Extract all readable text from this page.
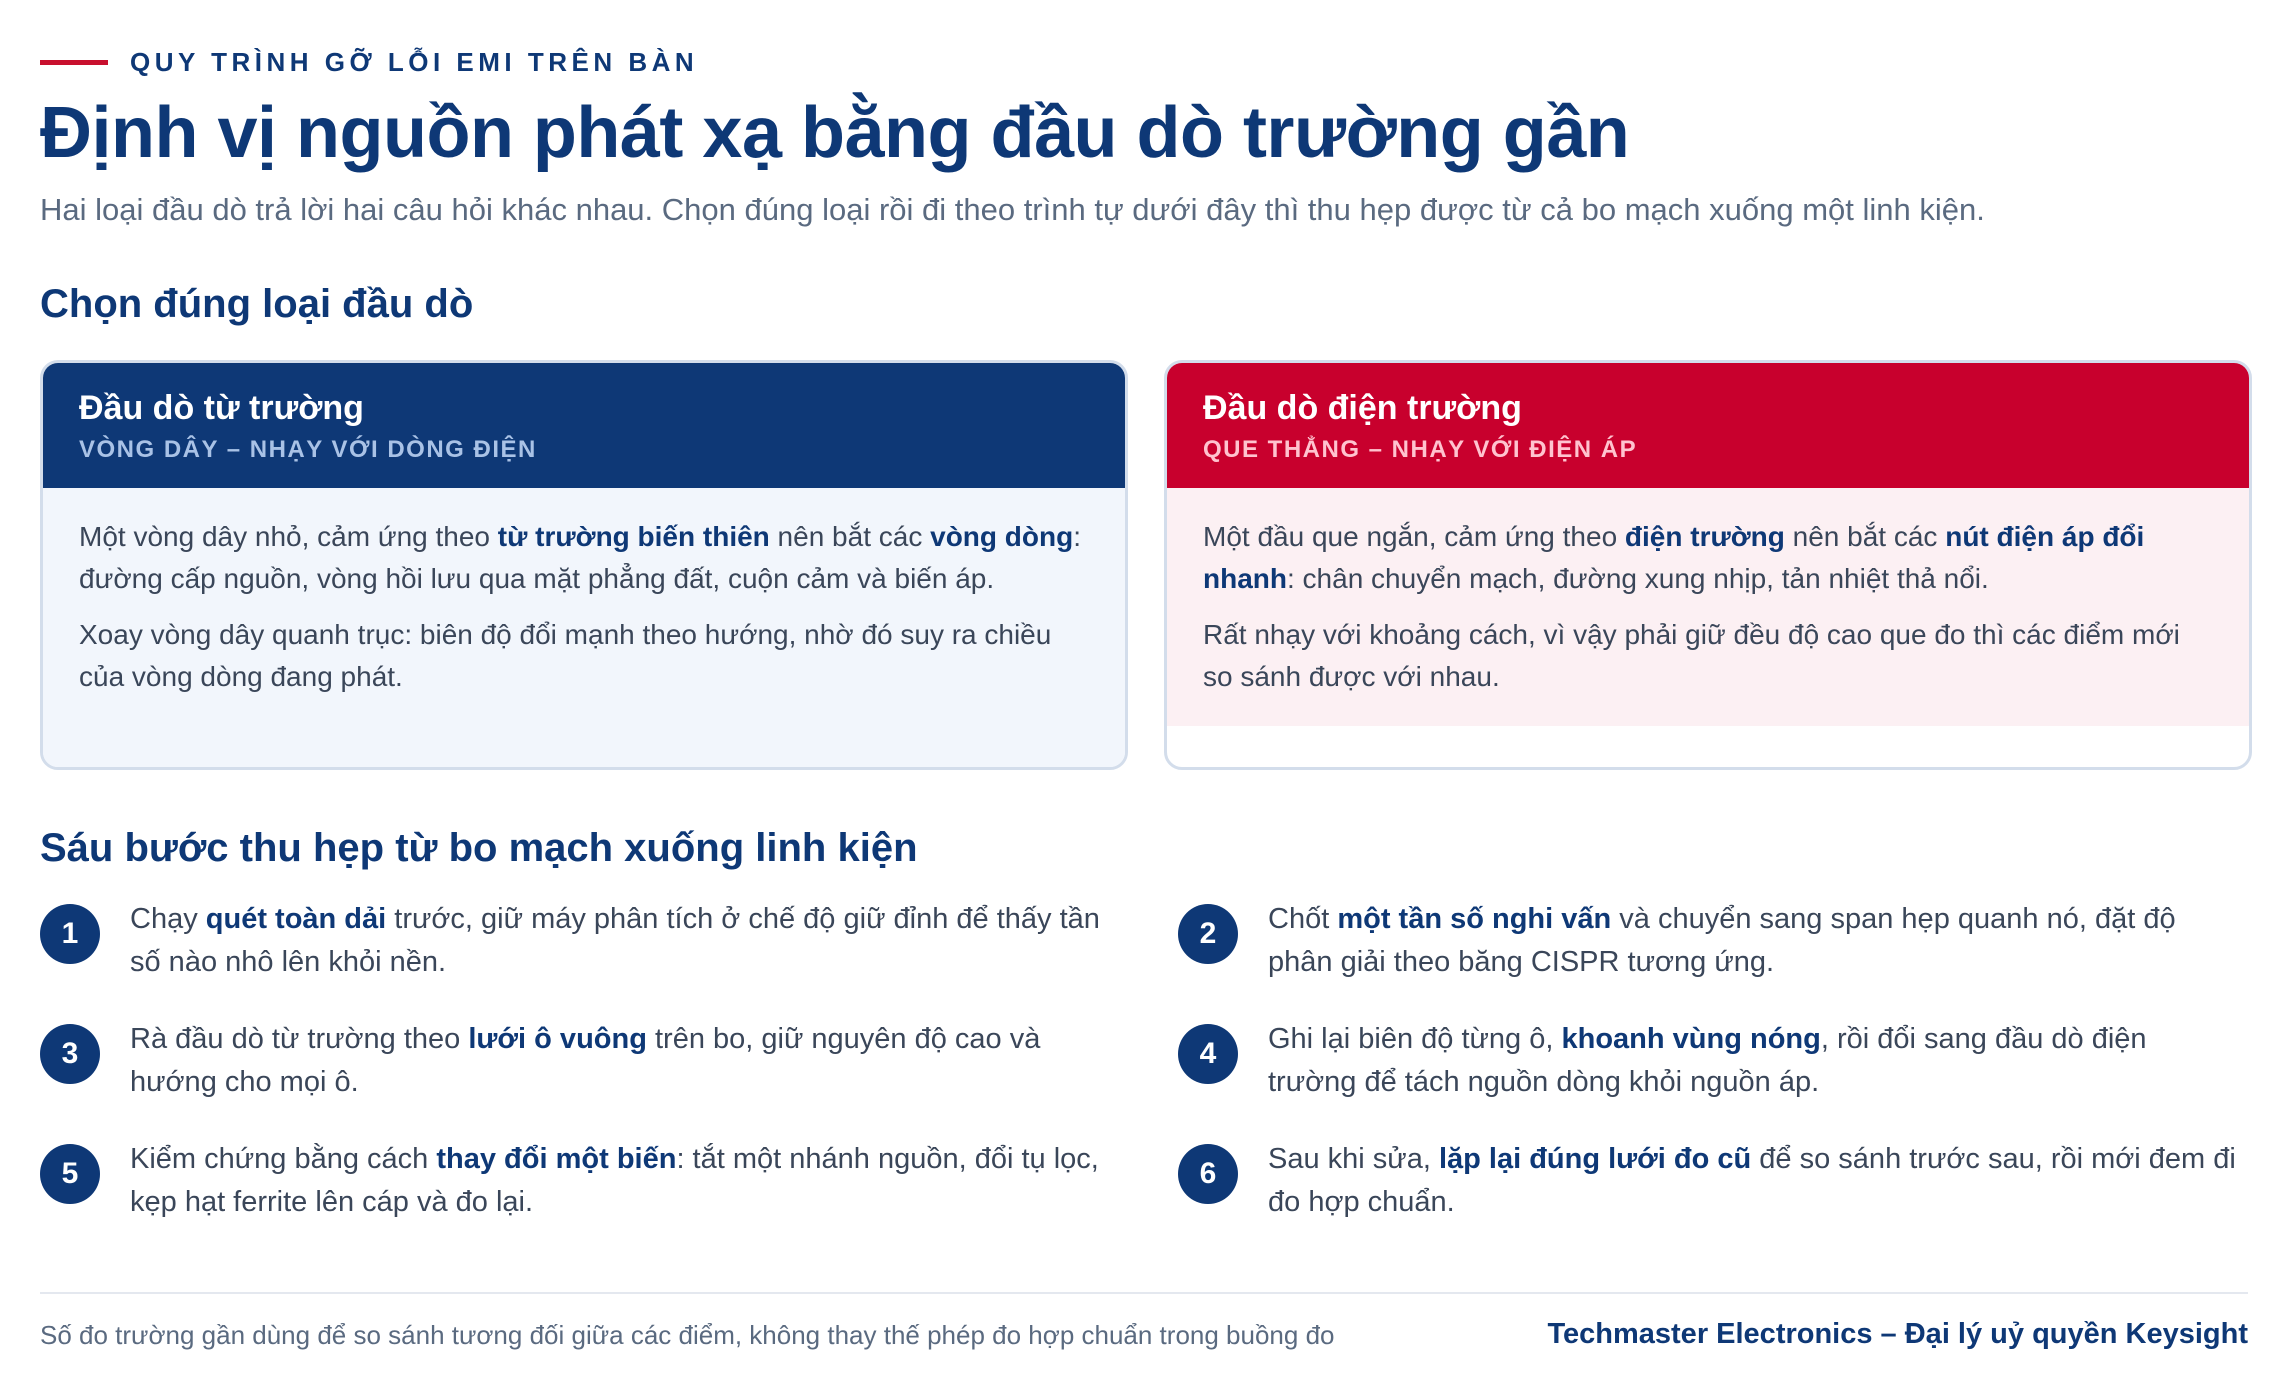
QUY TRÌNH GỠ LỖI EMI TRÊN BÀN
Định vị nguồn phát xạ bằng đầu dò trường gần

Hai loại đầu dò trả lời hai câu hỏi khác nhau. Chọn đúng loại rồi đi theo trình tự dưới đây thì thu hẹp được từ cả bo mạch xuống một linh kiện.

Chọn đúng loại đầu dò
Đầu dò từ trường
VÒNG DÂY – NHẠY VỚI DÒNG ĐIỆN

Một vòng dây nhỏ, cảm ứng theo từ trường biến thiên nên bắt các vòng dòng: đường cấp nguồn, vòng hồi lưu qua mặt phẳng đất, cuộn cảm và biến áp.

Xoay vòng dây quanh trục: biên độ đổi mạnh theo hướng, nhờ đó suy ra chiều của vòng dòng đang phát.

Đầu dò điện trường
QUE THẲNG – NHẠY VỚI ĐIỆN ÁP

Một đầu que ngắn, cảm ứng theo điện trường nên bắt các nút điện áp đổi nhanh: chân chuyển mạch, đường xung nhịp, tản nhiệt thả nổi.

Rất nhạy với khoảng cách, vì vậy phải giữ đều độ cao que đo thì các điểm mới so sánh được với nhau.

Sáu bước thu hẹp từ bo mạch xuống linh kiện
1	Chạy quét toàn dải trước, giữ máy phân tích ở chế độ giữ đỉnh để thấy tần số nào nhô lên khỏi nền.
2	Chốt một tần số nghi vấn và chuyển sang span hẹp quanh nó, đặt độ phân giải theo băng CISPR tương ứng.
3	Rà đầu dò từ trường theo lưới ô vuông trên bo, giữ nguyên độ cao và hướng cho mọi ô.
4	Ghi lại biên độ từng ô, khoanh vùng nóng, rồi đổi sang đầu dò điện trường để tách nguồn dòng khỏi nguồn áp.
5	Kiểm chứng bằng cách thay đổi một biến: tắt một nhánh nguồn, đổi tụ lọc, kẹp hạt ferrite lên cáp và đo lại.
6	Sau khi sửa, lặp lại đúng lưới đo cũ để so sánh trước sau, rồi mới đem đi đo hợp chuẩn.
Số đo trường gần dùng để so sánh tương đối giữa các điểm, không thay thế phép đo hợp chuẩn trong buồng đo	Techmaster Electronics – Đại lý uỷ quyền Keysight
